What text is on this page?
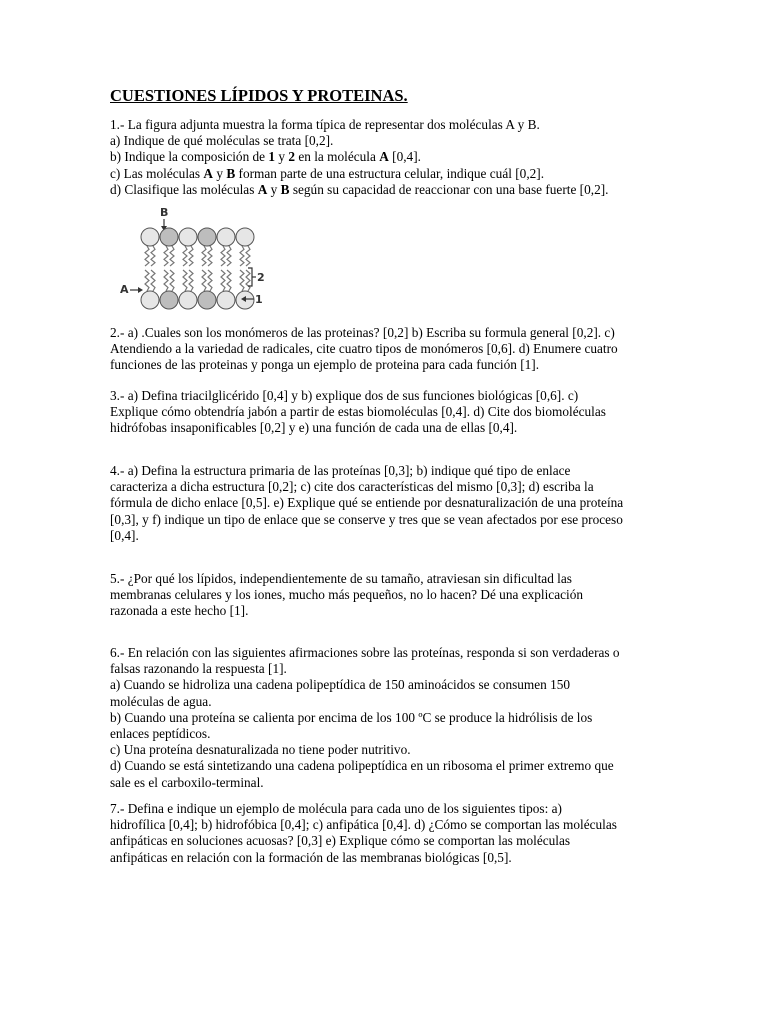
CUESTIONES LÍPIDOS Y PROTEINAS.
1.- La figura adjunta muestra la forma típica de representar dos moléculas A y B.
a) Indique de qué moléculas se trata [0,2].
b) Indique la composición de 1 y 2 en la molécula A [0,4].
c) Las moléculas A y B forman parte de una estructura celular, indique cuál [0,2].
d) Clasifique las moléculas A y B según su capacidad de reaccionar con una base fuerte [0,2].
B
A
2
1
2.- a) .Cuales son los monómeros de las proteinas? [0,2] b) Escriba su formula general [0,2]. c)
Atendiendo a la variedad de radicales, cite cuatro tipos de monómeros [0,6]. d) Enumere cuatro
funciones de las proteinas y ponga un ejemplo de proteina para cada función [1].
3.- a) Defina triacilglicérido [0,4] y b) explique dos de sus funciones biológicas [0,6]. c)
Explique cómo obtendría jabón a partir de estas biomoléculas [0,4]. d) Cite dos biomoléculas
hidrófobas insaponificables [0,2] y e) una función de cada una de ellas [0,4].
4.- a) Defina la estructura primaria de las proteínas [0,3]; b) indique qué tipo de enlace
caracteriza a dicha estructura [0,2]; c) cite dos características del mismo [0,3]; d) escriba la
fórmula de dicho enlace [0,5]. e) Explique qué se entiende por desnaturalización de una proteína
[0,3], y f) indique un tipo de enlace que se conserve y tres que se vean afectados por ese proceso
[0,4].
5.- ¿Por qué los lípidos, independientemente de su tamaño, atraviesan sin dificultad las
membranas celulares y los iones, mucho más pequeños, no lo hacen? Dé una explicación
razonada a este hecho [1].
6.- En relación con las siguientes afirmaciones sobre las proteínas, responda si son verdaderas o
falsas razonando la respuesta [1].
a) Cuando se hidroliza una cadena polipeptídica de 150 aminoácidos se consumen 150
moléculas de agua.
b) Cuando una proteína se calienta por encima de los 100 ºC se produce la hidrólisis de los
enlaces peptídicos.
c) Una proteína desnaturalizada no tiene poder nutritivo.
d) Cuando se está sintetizando una cadena polipeptídica en un ribosoma el primer extremo que
sale es el carboxilo-terminal.
7.- Defina e indique un ejemplo de molécula para cada uno de los siguientes tipos: a)
hidrofílica [0,4]; b) hidrofóbica [0,4]; c) anfipática [0,4]. d) ¿Cómo se comportan las moléculas
anfipáticas en soluciones acuosas? [0,3] e) Explique cómo se comportan las moléculas
anfipáticas en relación con la formación de las membranas biológicas [0,5].
